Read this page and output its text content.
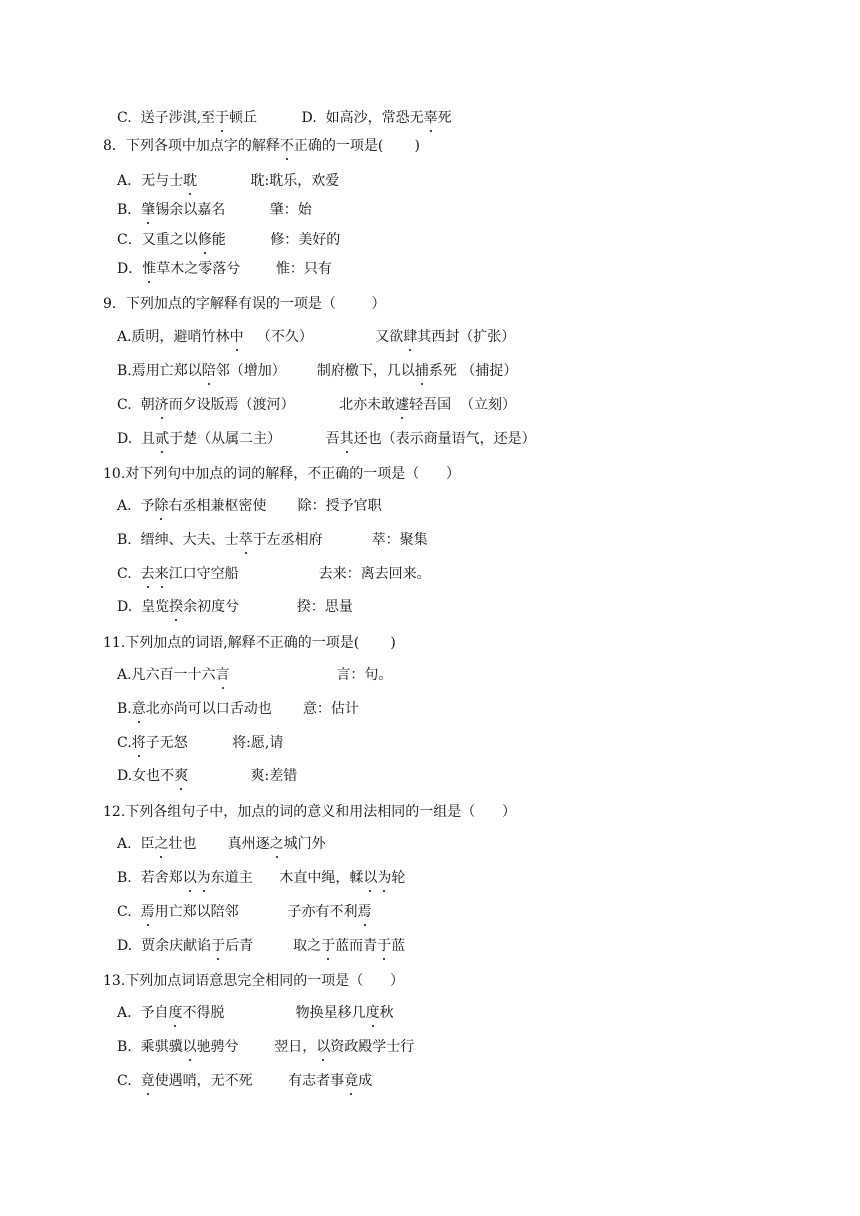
C.  送子涉淇,至于顿丘          D.  如高沙，常恐无辜死
8．下列各项中加点字的解释不正确的一项是(       )
A．无与士耽            耽:耽乐，欢爱
B．肇锡余以嘉名          肇：始
C．又重之以修能          修：美好的
D．惟草木之零落兮        惟：只有
9．下列加点的字解释有误的一项是（        ）
A.质明，避哨竹林中   （不久）              又欲肆其西封（扩张）
B.焉用亡郑以陪邻（增加）       制府檄下，几以捕系死 （捕捉）
C.  朝济而夕设版焉（渡河）          北亦未敢遽轻吾国  （立刻）
D.  且贰于楚（从属二主）          吾其还也（表示商量语气，还是）
10.对下列句中加点的词的解释，不正确的一项是（      ）
A.  予除右丞相兼枢密使       除：授予官职
B.  缙绅、大夫、士萃于左丞相府           萃：聚集
C.  去来江口守空船                  去来：离去回来。
D.  皇览揆余初度兮             揆：思量
11.下列加点的词语,解释不正确的一项是(       )
A.凡六百一十六言                        言：句。
B.意北亦尚可以口舌动也       意：估计
C.将子无怒          将:愿,请
D.女也不爽              爽:差错
12.下列各组句子中，加点的词的意义和用法相同的一组是（      ）
A.  臣之壮也       真州逐之城门外
B.  若舍郑以为东道主      木直中绳，輮以为轮
C.  焉用亡郑以陪邻           子亦有不利焉
D.  贾余庆献谄于后青         取之于蓝而青于蓝
13.下列加点词语意思完全相同的一项是（      ）
A.  予自度不得脱                物换星移几度秋
B.  乘骐骥以驰骋兮        翌日，以资政殿学士行
C.  竟使遇哨，无不死        有志者事竟成
